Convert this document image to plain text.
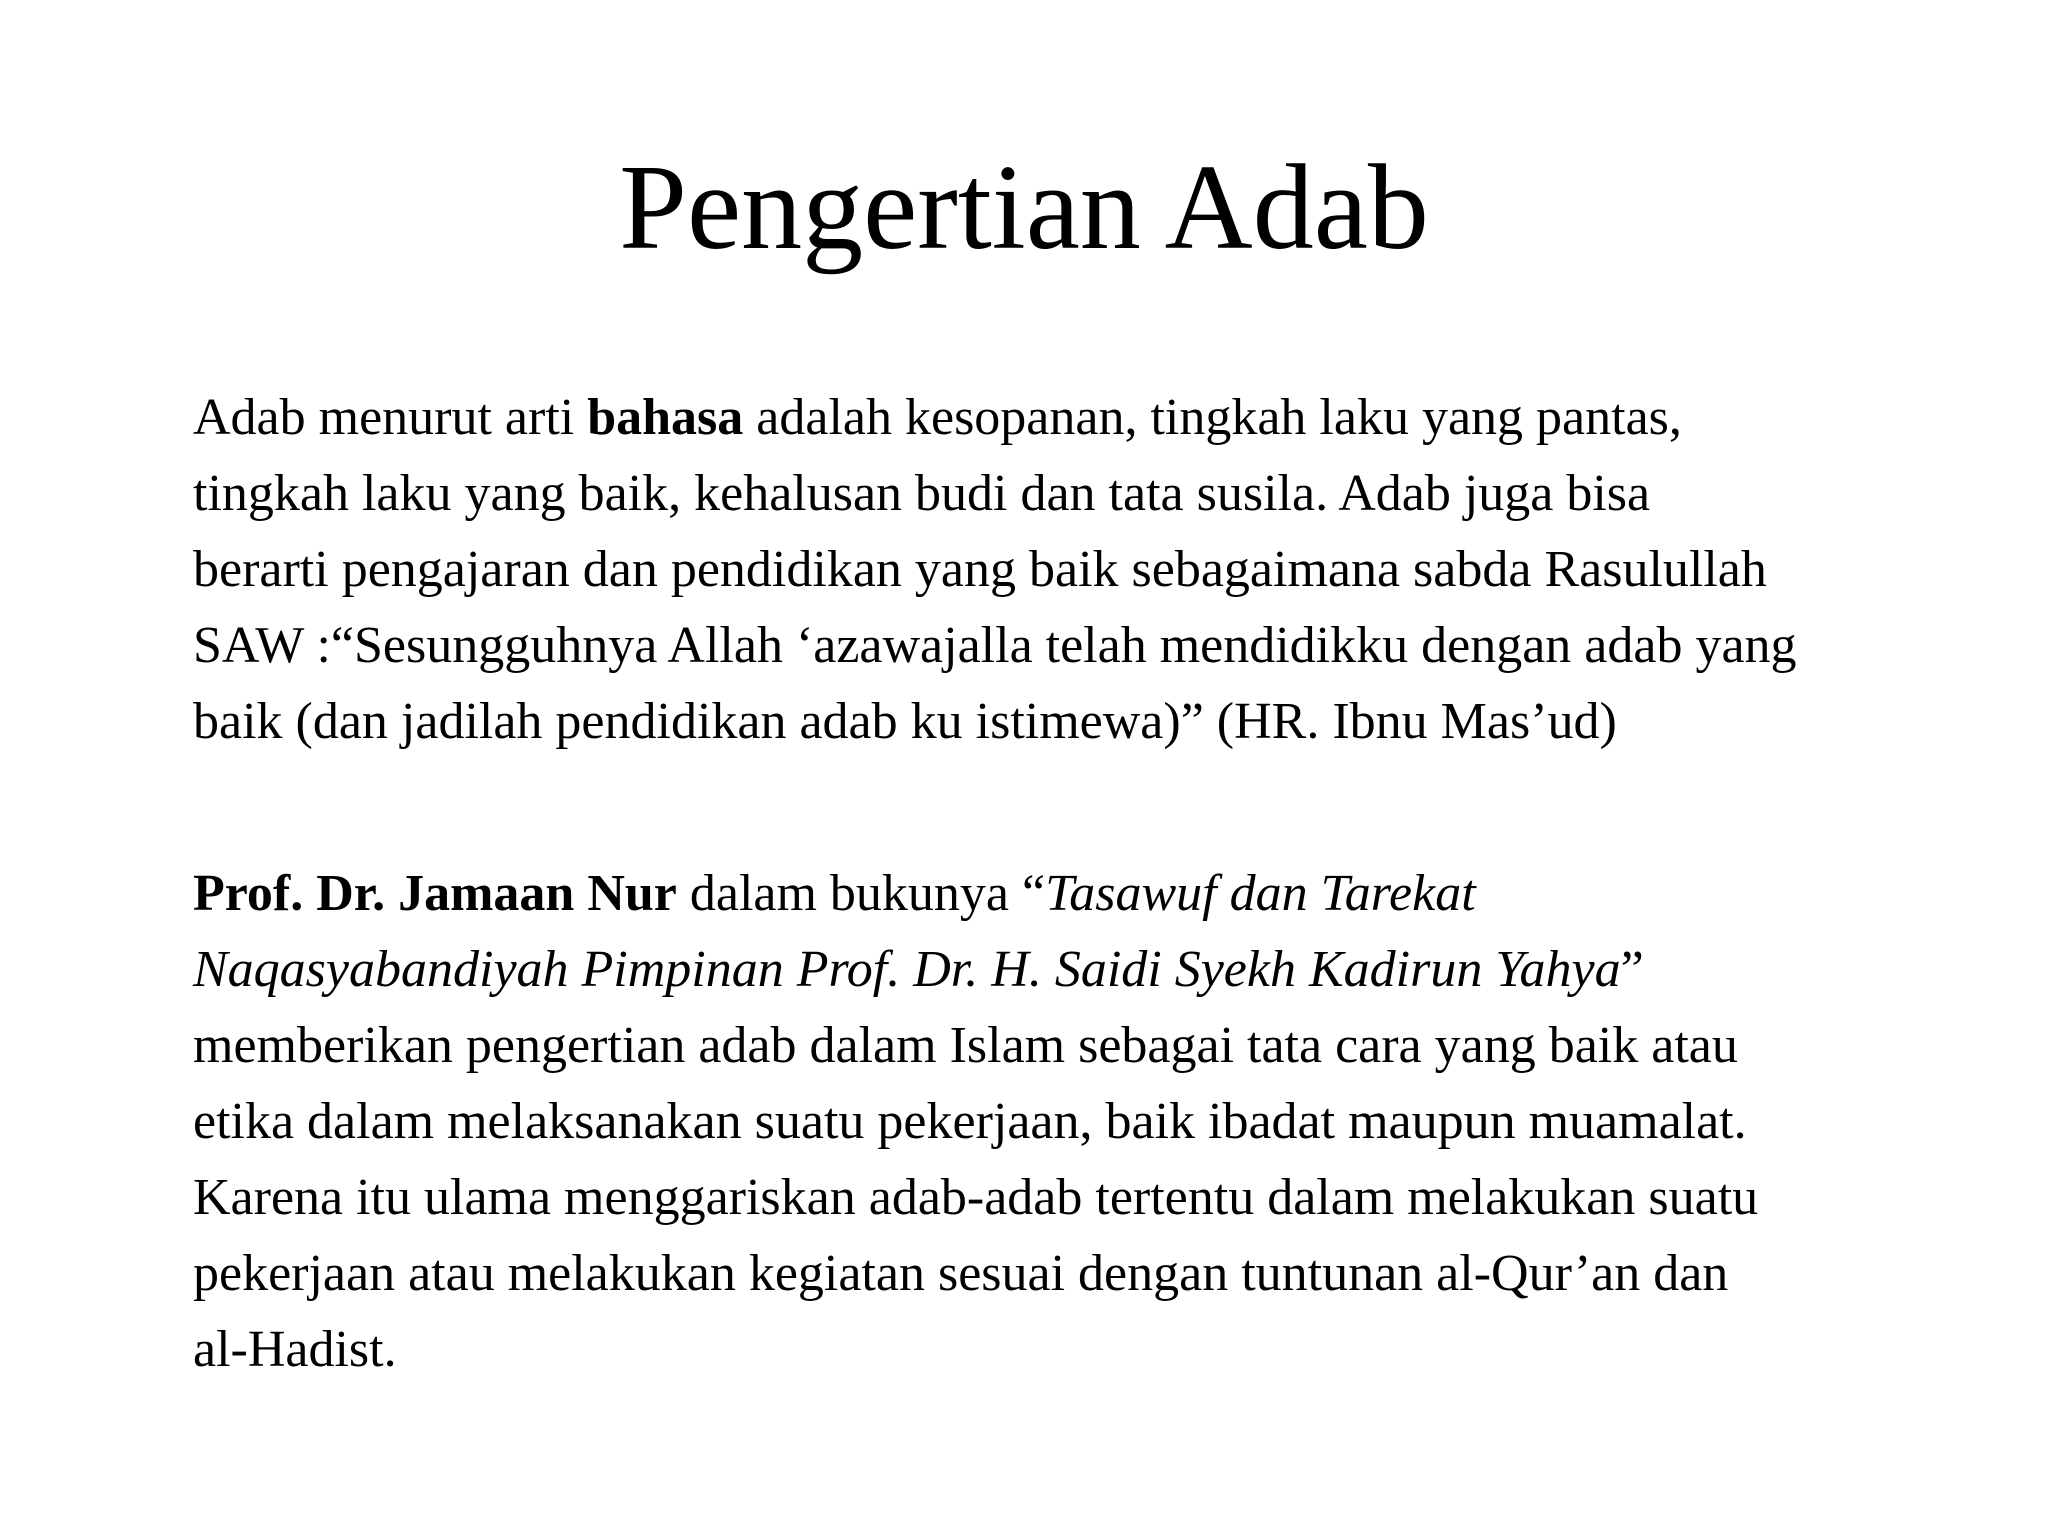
Pengertian Adab
Adab menurut arti bahasa adalah kesopanan, tingkah laku yang pantas,
tingkah laku yang baik, kehalusan budi dan tata susila. Adab juga bisa
berarti pengajaran dan pendidikan yang baik sebagaimana sabda Rasulullah
SAW :“Sesungguhnya Allah ‘azawajalla telah mendidikku dengan adab yang
baik (dan jadilah pendidikan adab ku istimewa)” (HR. Ibnu Mas’ud)
Prof. Dr. Jamaan Nur dalam bukunya “Tasawuf dan Tarekat
Naqasyabandiyah Pimpinan Prof. Dr. H. Saidi Syekh Kadirun Yahya”
memberikan pengertian adab dalam Islam sebagai tata cara yang baik atau
etika dalam melaksanakan suatu pekerjaan, baik ibadat maupun muamalat.
Karena itu ulama menggariskan adab-adab tertentu dalam melakukan suatu
pekerjaan atau melakukan kegiatan sesuai dengan tuntunan al-Qur’an dan
al-Hadist.
